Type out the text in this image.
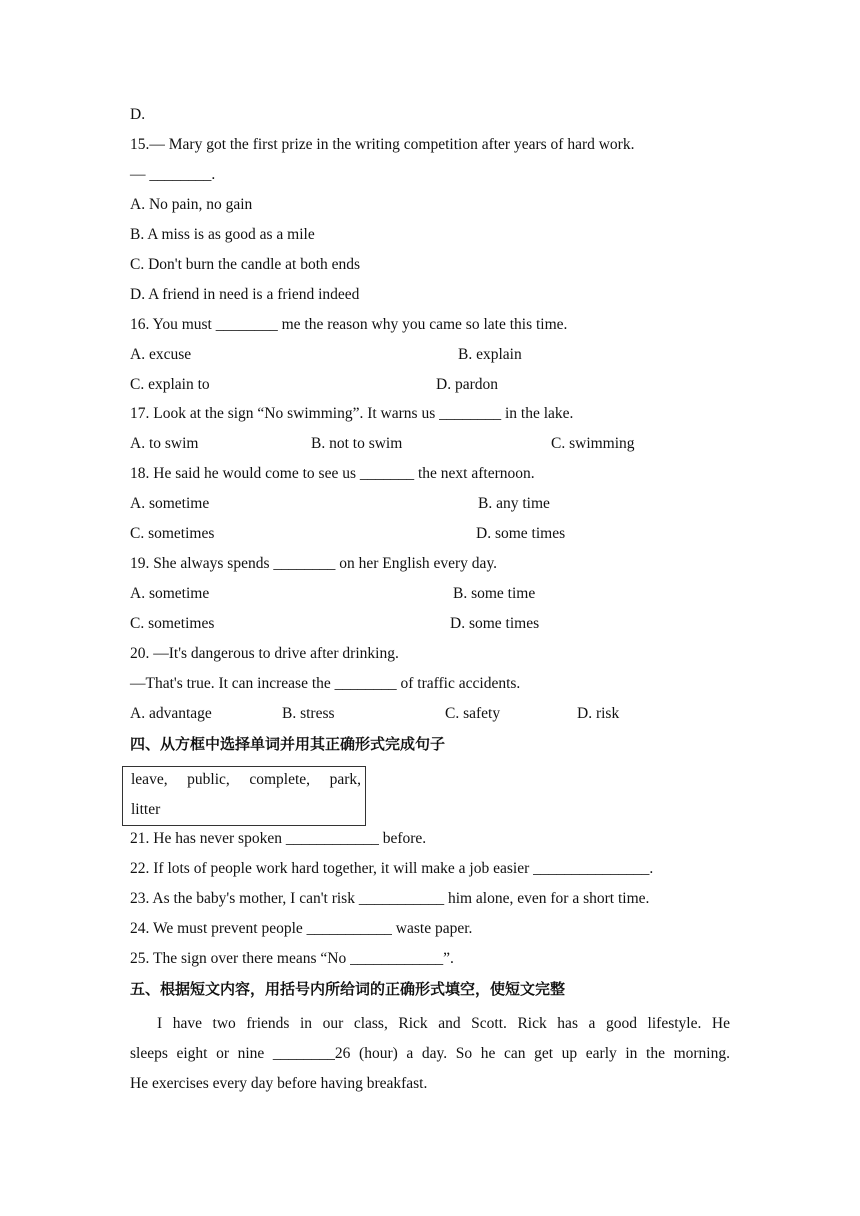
D.
15.— Mary got the first prize in the writing competition after years of hard work.
— ________.
A. No pain, no gain
B. A miss is as good as a mile
C. Don't burn the candle at both ends
D. A friend in need is a friend indeed
16. You must ________ me the reason why you came so late this time.
A. excuse	B. explain
C. explain to	D. pardon
17. Look at the sign “No swimming”. It warns us ________ in the lake.
A. to swim	B. not to swim	C. swimming
18. He said he would come to see us _______ the next afternoon.
A. sometime	B. any time
C. sometimes	D. some times
19. She always spends ________ on her English every day.
A. sometime	B. some time
C. sometimes	D. some times
20. —It's dangerous to drive after drinking.
—That's true. It can increase the ________ of traffic accidents.
A. advantage	B. stress	C. safety	D. risk
四、从方框中选择单词并用其正确形式完成句子
leave, public, complete, park,
litter
21. He has never spoken ____________ before.
22. If lots of people work hard together, it will make a job easier _______________.
23. As the baby's mother, I can't risk ___________ him alone, even for a short time.
24. We must prevent people ___________ waste paper.
25. The sign over there means “No ____________”.
五、根据短文内容，用括号内所给词的正确形式填空，使短文完整
I have two friends in our class, Rick and Scott. Rick has a good lifestyle. He
sleeps eight or nine ________26 (hour) a day. So he can get up early in the morning.
He exercises every day before having breakfast.
